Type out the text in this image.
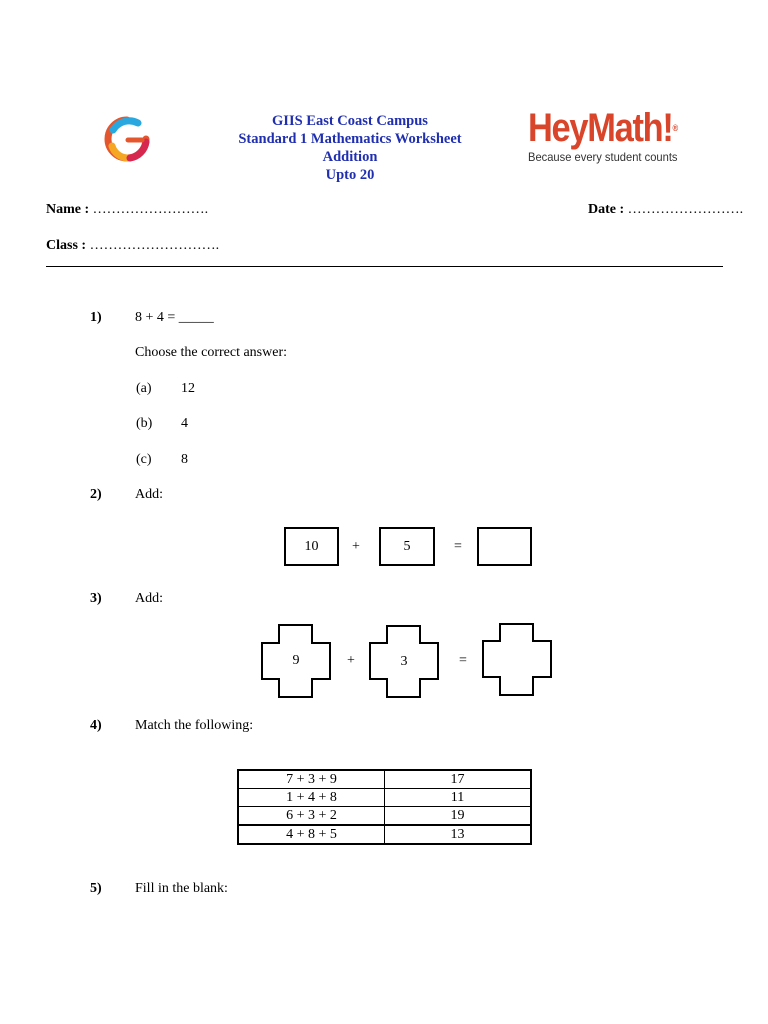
GIIS East Coast Campus
Standard 1 Mathematics Worksheet
Addition
Upto 20
HeyMath!®
Because every student counts
Name : …………………….	Date : …………………….
Class : ……………………….
1) 8 + 4 = _____
Choose the correct answer:
(a) 12
(b) 4
(c) 8
2) Add:
10 +	5	=
3) Add:
9	+	3	=
4) Match the following:
7 + 3 + 9	17
1 + 4 + 8	11
6 + 3 + 2	19
4 + 8 + 5	13
5) Fill in the blank:
